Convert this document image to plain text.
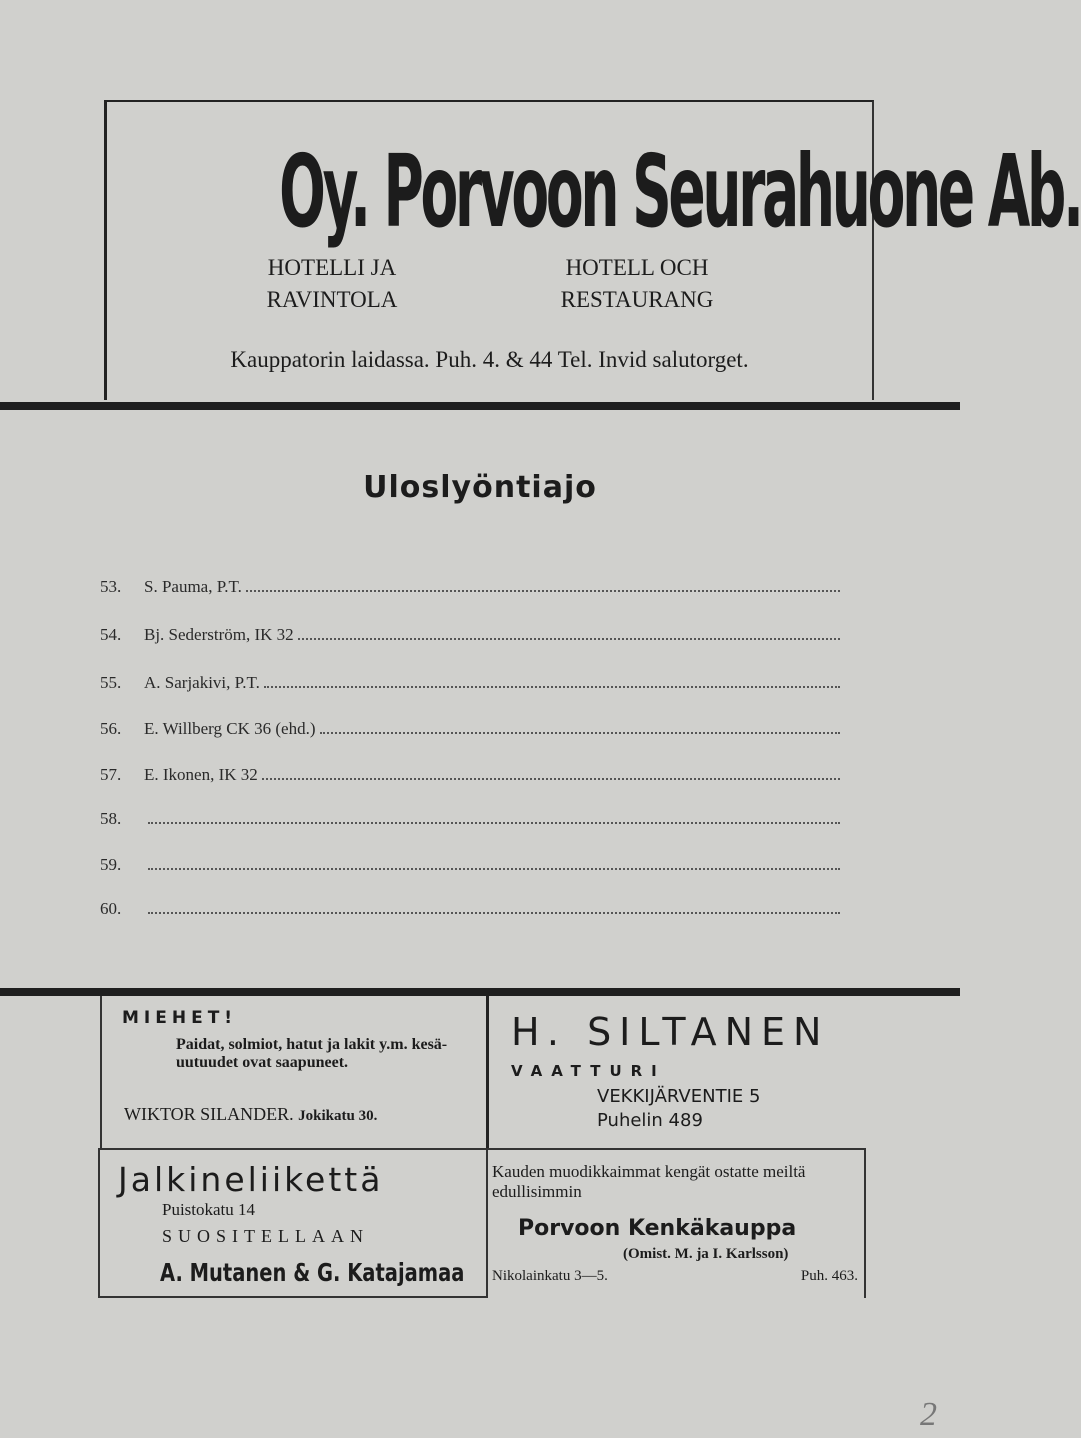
Oy. Porvoon Seurahuone Ab.
HOTELLI JA
RAVINTOLA
HOTELL OCH
RESTAURANG
Kauppatorin laidassa. Puh. 4. & 44 Tel. Invid salutorget.
Uloslyöntiajo
53.	S. Pauma, P.T.
54.	Bj. Sederström, IK 32
55.	A. Sarjakivi, P.T.
56.	E. Willberg CK 36 (ehd.)
57.	E. Ikonen, IK 32
58.
59.
60.
MIEHET!
Paidat, solmiot, hatut ja lakit y.m. kesä-uutuudet ovat saapuneet.
WIKTOR SILANDER. Jokikatu 30.
H. SILTANEN
VAATTURI
VEKKIJÄRVENTIE 5
Puhelin 489
Jalkineliikettä
Puistokatu 14
SUOSITELLAAN
A. Mutanen & G. Katajamaa
Kauden muodikkaimmat kengät ostatte meiltä edullisimmin
Porvoon Kenkäkauppa
(Omist. M. ja I. Karlsson)
Nikolainkatu 3—5.	Puh. 463.
2
